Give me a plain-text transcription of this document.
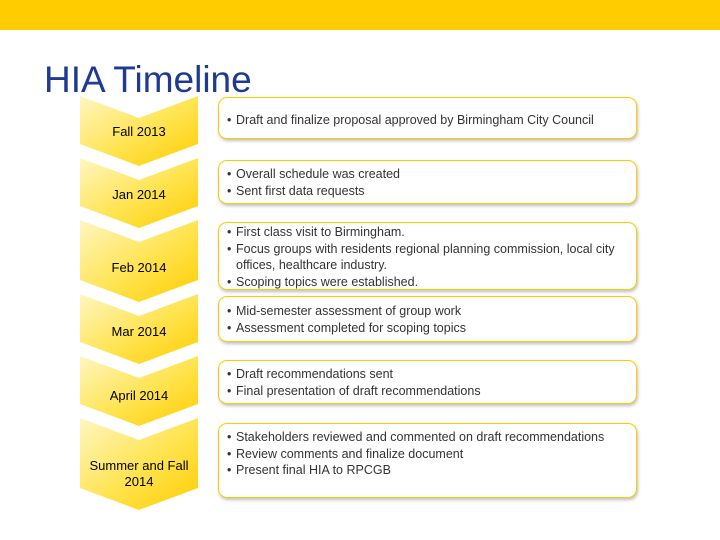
Fall 2013
• Draft and finalize proposal approved by Birmingham City Council
Jan 2014
• Overall schedule was created
• Sent first data requests
Feb 2014
• First class visit to Birmingham.
• Focus groups with residents regional planning commission, local city offices, healthcare industry.
• Scoping topics were established.
Mar 2014
• Mid-semester assessment of group work
• Assessment completed for scoping topics
April 2014
• Draft recommendations sent
• Final presentation of draft recommendations
Summer and Fall 2014
• Stakeholders reviewed and commented on draft recommendations
• Review comments and finalize document
• Present final HIA to RPCGB
HIA Timeline
